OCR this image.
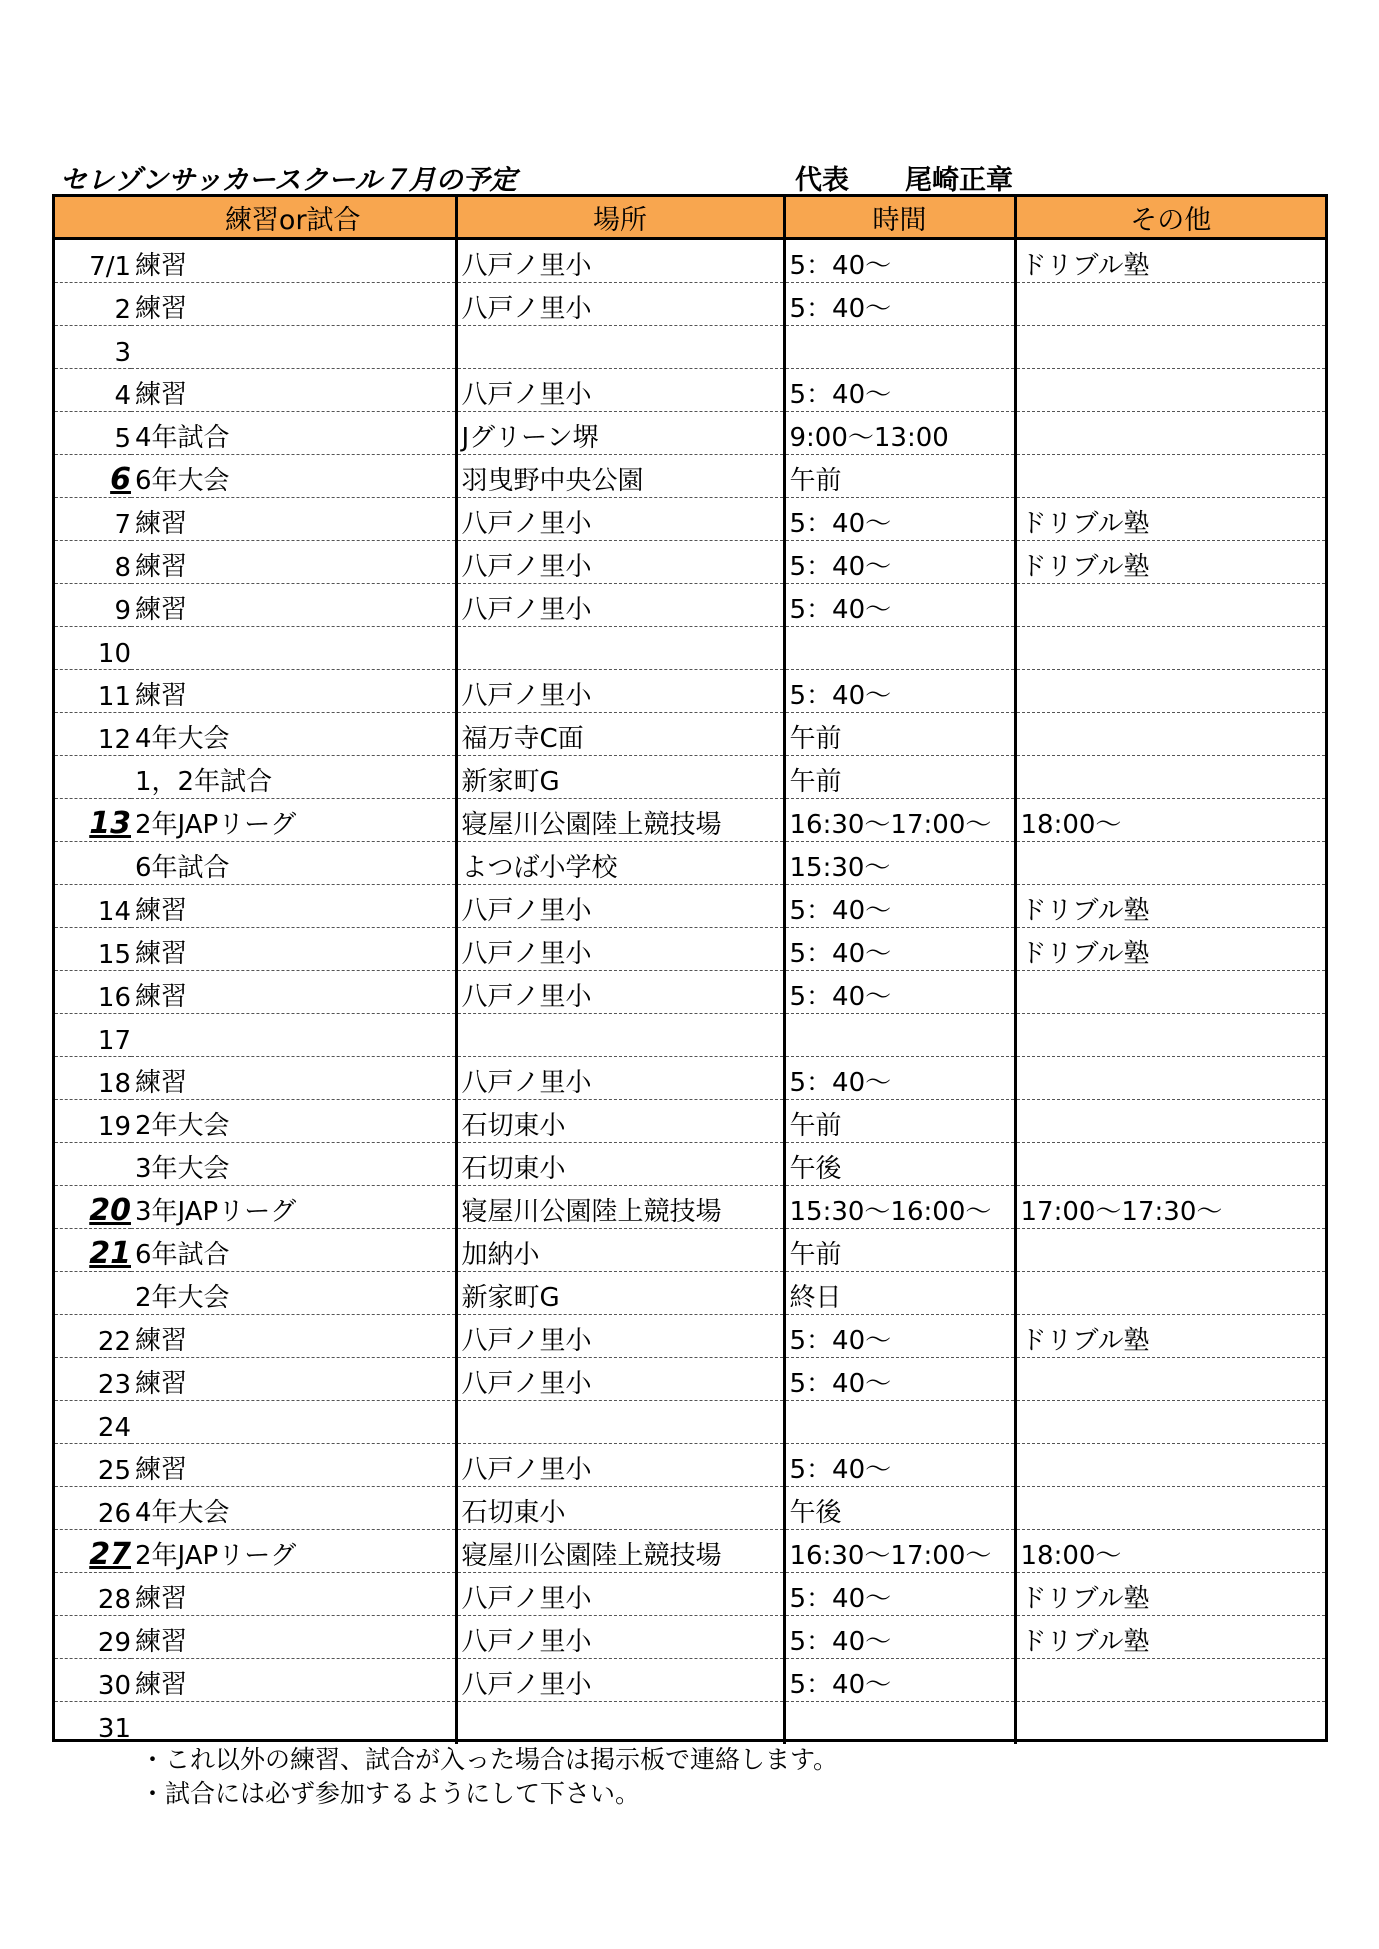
セレゾンサッカースクール７月の予定	代表 尾崎正章
	練習or試合	場所	時間	その他
7/1	練習	八戸ノ里小	5：40～	ドリブル塾
2	練習	八戸ノ里小	5：40～	
3				
4	練習	八戸ノ里小	5：40～	
5	4年試合	Jグリーン堺	9:00～13:00	
6	6年大会	羽曳野中央公園	午前	
7	練習	八戸ノ里小	5：40～	ドリブル塾
8	練習	八戸ノ里小	5：40～	ドリブル塾
9	練習	八戸ノ里小	5：40～	
10				
11	練習	八戸ノ里小	5：40～	
12	4年大会	福万寺C面	午前	
	1，2年試合	新家町G	午前	
13	2年JAPリーグ	寝屋川公園陸上競技場	16:30～17:00～	18:00～
	6年試合	よつば小学校	15:30～	
14	練習	八戸ノ里小	5：40～	ドリブル塾
15	練習	八戸ノ里小	5：40～	ドリブル塾
16	練習	八戸ノ里小	5：40～	
17				
18	練習	八戸ノ里小	5：40～	
19	2年大会	石切東小	午前	
	3年大会	石切東小	午後	
20	3年JAPリーグ	寝屋川公園陸上競技場	15:30～16:00～	17:00～17:30～
21	6年試合	加納小	午前	
	2年大会	新家町G	終日	
22	練習	八戸ノ里小	5：40～	ドリブル塾
23	練習	八戸ノ里小	5：40～	
24				
25	練習	八戸ノ里小	5：40～	
26	4年大会	石切東小	午後	
27	2年JAPリーグ	寝屋川公園陸上競技場	16:30～17:00～	18:00～
28	練習	八戸ノ里小	5：40～	ドリブル塾
29	練習	八戸ノ里小	5：40～	ドリブル塾
30	練習	八戸ノ里小	5：40～	
31				
・これ以外の練習、試合が入った場合は掲示板で連絡します。
・試合には必ず参加するようにして下さい。
